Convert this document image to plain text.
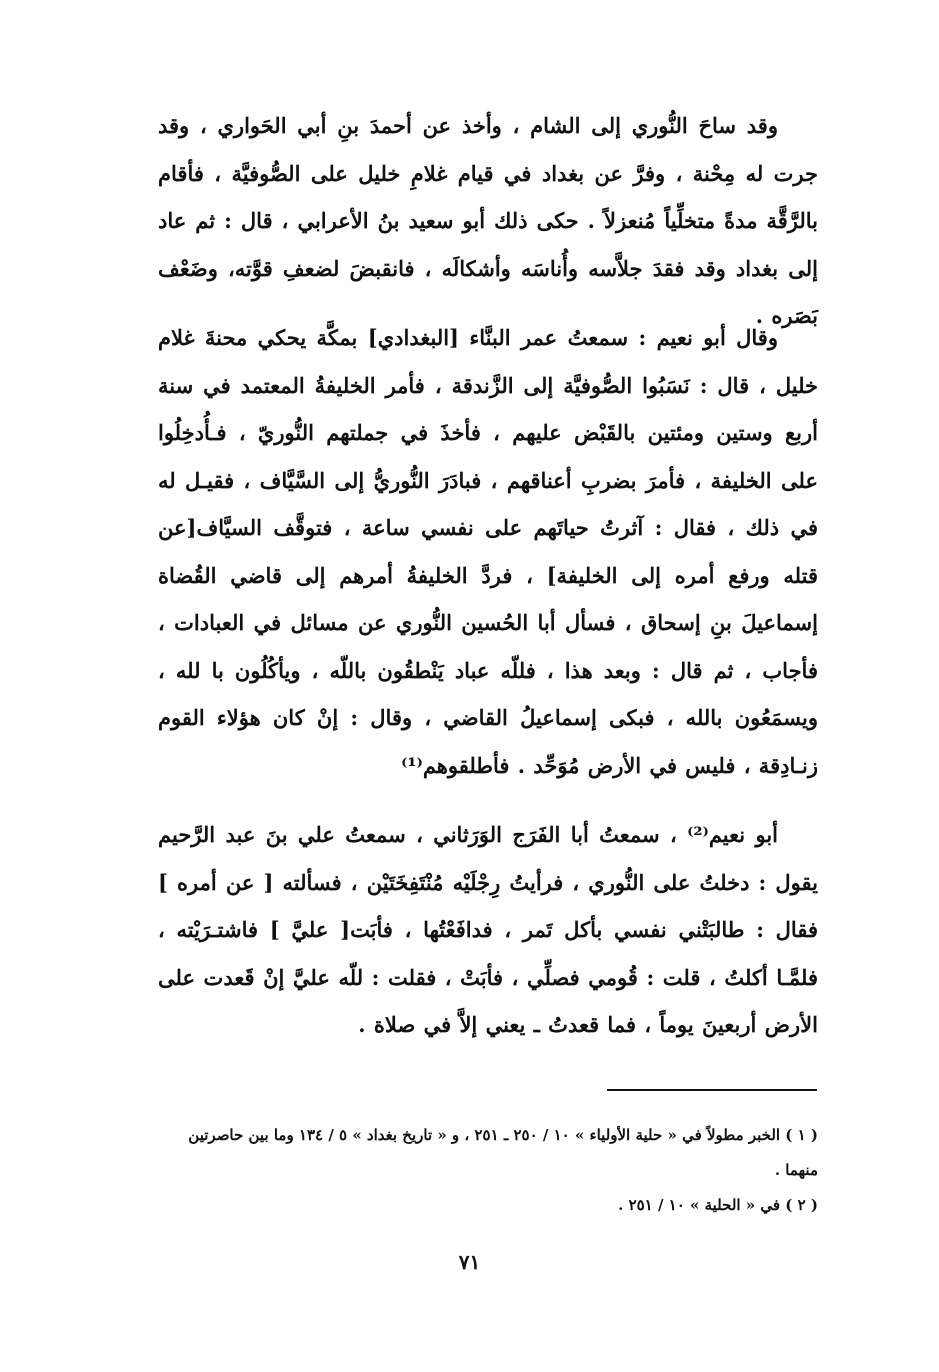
وقد ساحَ النُّوري إلى الشام ، وأخذ عن أحمدَ بنِ أبي الحَواري ، وقد جرت له مِحْنة ، وفرَّ عن بغداد في قيام غلامِ خليل على الصُّوفيَّة ، فأقام بالرَّقَّة مدةً متخلِّياً مُنعزلاً . حكى ذلك أبو سعيد بنُ الأعرابي ، قال : ثم عاد إلى بغداد وقد فقدَ جلاَّسه وأُناسَه وأشكالَه ، فانقبضَ لضعفِ قوَّته، وضَعْف بَصَره .

وقال أبو نعيم : سمعتُ عمر البنَّاء [البغدادي] بمكَّة يحكي محنةَ غلام خليل ، قال : نَسَبُوا الصُّوفيَّة إلى الزَّندقة ، فأمر الخليفةُ المعتمد في سنة أربع وستين ومئتين بالقَبْض عليهم ، فأخذَ في جملتهم النُّوريّ ، فـأُدخِلُوا على الخليفة ، فأمرَ بضربِ أعناقهم ، فبادَرَ النُّوريُّ إلى السَّيَّاف ، فقيـل له في ذلك ، فقال : آثرتُ حياتَهم على نفسي ساعة ، فتوقَّف السيَّاف[عن قتله ورفع أمره إلى الخليفة] ، فردَّ الخليفةُ أمرهم إلى قاضي القُضاة إسماعيلَ بنِ إسحاق ، فسأل أبا الحُسين النُّوري عن مسائل في العبادات ، فأجاب ، ثم قال : وبعد هذا ، فللّه عباد يَنْطقُون باللّه ، ويأكُلُون با لله ، ويسمَعُون بالله ، فبكى إسماعيلُ القاضي ، وقال : إنْ كان هؤلاء القوم زنـادِقة ، فليس في الأرض مُوَحِّد . فأطلقوهم⁽¹⁾

أبو نعيم⁽²⁾ ، سمعتُ أبا الفَرَج الوَرَثاني ، سمعتُ علي بنَ عبد الرَّحيم يقول : دخلتُ على النُّوري ، فرأيتُ رِجْلَيْه مُنْتَفِخَتَيْن ، فسألته [ عن أمره ] فقال : طالبَتْني نفسي بأكل تَمر ، فدافَعْتُها ، فأبَت[ عليَّ ] فاشتـرَيْته ، فلمَّـا أكلتُ ، قلت : قُومي فصلِّي ، فأبَتْ ، فقلت : للّه عليَّ إنْ قَعدت على الأرض أربعينَ يوماً ، فما قعدتُ ـ يعني إلاَّ في صلاة .

( ١ ) الخبر مطولاً في « حلية الأولياء » ١٠ / ٢٥٠ ـ ٢٥١ ، و « تاريخ بغداد » ٥ / ١٣٤ وما بين حاصرتين منهما .

( ٢ ) في « الحلية » ١٠ / ٢٥١ .

٧١
